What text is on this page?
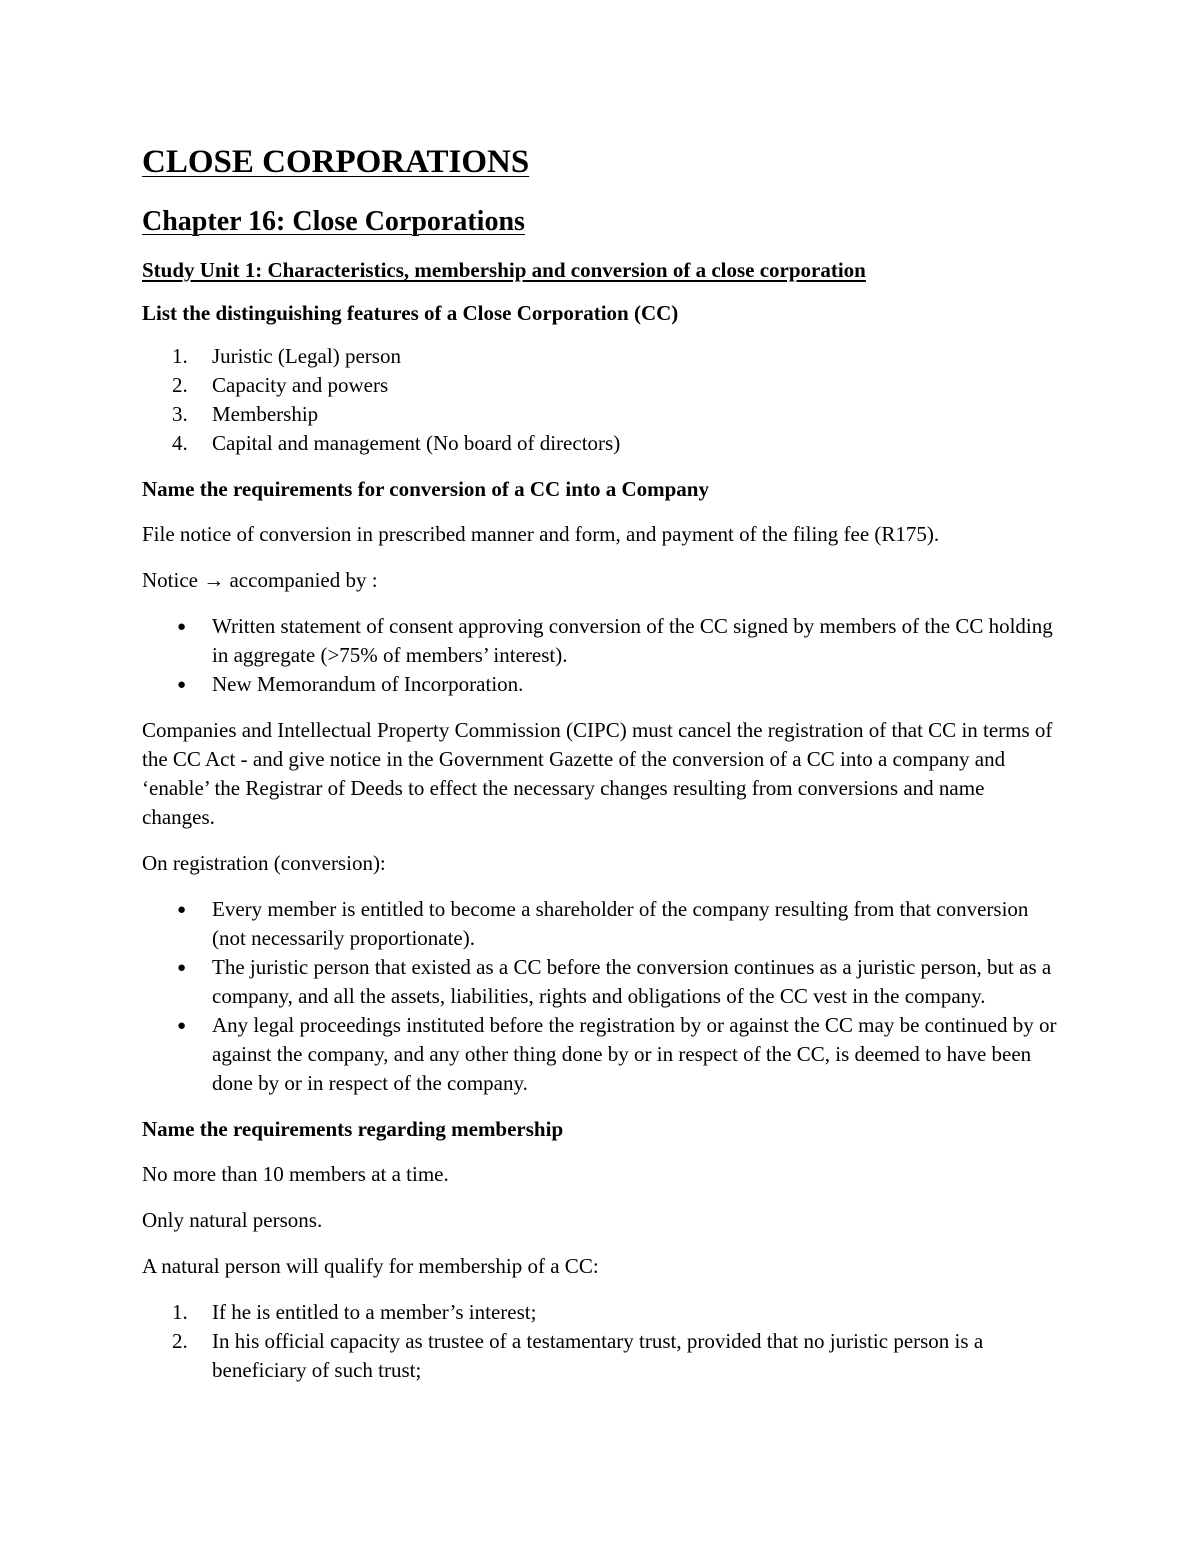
CLOSE CORPORATIONS
Chapter 16: Close Corporations
Study Unit 1: Characteristics, membership and conversion of a close corporation
List the distinguishing features of a Close Corporation (CC)
1.	Juristic (Legal) person
2.	Capacity and powers
3.	Membership
4.	Capital and management (No board of directors)
Name the requirements for conversion of a CC into a Company

File notice of conversion in prescribed manner and form, and payment of the filing fee (R175).

Notice → accompanied by :

●	Written statement of consent approving conversion of the CC signed by members of the CC holding in aggregate (>75% of members’ interest).
●	New Memorandum of Incorporation.

Companies and Intellectual Property Commission (CIPC) must cancel the registration of that CC in terms of the CC Act - and give notice in the Government Gazette of the conversion of a CC into a company and ‘enable’ the Registrar of Deeds to effect the necessary changes resulting from conversions and name changes.

On registration (conversion):

●	Every member is entitled to become a shareholder of the company resulting from that conversion (not necessarily proportionate).
●	The juristic person that existed as a CC before the conversion continues as a juristic person, but as a company, and all the assets, liabilities, rights and obligations of the CC vest in the company.
●	Any legal proceedings instituted before the registration by or against the CC may be continued by or against the company, and any other thing done by or in respect of the CC, is deemed to have been done by or in respect of the company.
Name the requirements regarding membership

No more than 10 members at a time.

Only natural persons.

A natural person will qualify for membership of a CC:

1.	If he is entitled to a member’s interest;
2.	In his official capacity as trustee of a testamentary trust, provided that no juristic person is a beneficiary of such trust;
